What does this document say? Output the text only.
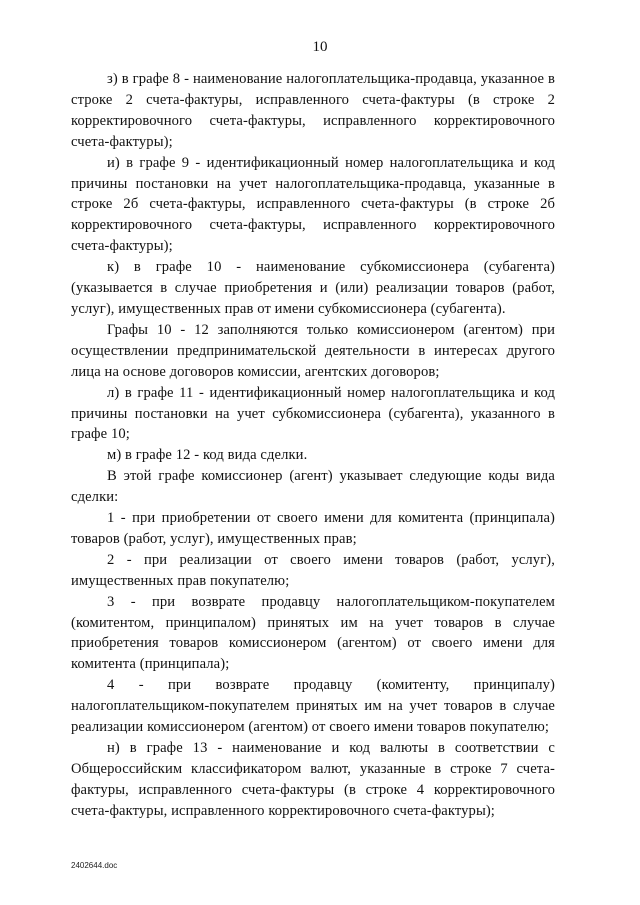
10

з) в графе 8 - наименование налогоплательщика-продавца, указанное в строке 2 счета-фактуры, исправленного счета-фактуры (в строке 2 корректировочного счета-фактуры, исправленного корректировочного счета-фактуры);

и) в графе 9 - идентификационный номер налогоплательщика и код причины постановки на учет налогоплательщика-продавца, указанные в строке 2б счета-фактуры, исправленного счета-фактуры (в строке 2б корректировочного счета-фактуры, исправленного корректировочного счета-фактуры);

к) в графе 10 - наименование субкомиссионера (субагента) (указывается в случае приобретения и (или) реализации товаров (работ, услуг), имущественных прав от имени субкомиссионера (субагента).

Графы 10 - 12 заполняются только комиссионером (агентом) при осуществлении предпринимательской деятельности в интересах другого лица на основе договоров комиссии, агентских договоров;

л) в графе 11 - идентификационный номер налогоплательщика и код причины постановки на учет субкомиссионера (субагента), указанного в графе 10;

м) в графе 12 - код вида сделки.

В этой графе комиссионер (агент) указывает следующие коды вида сделки:

1 - при приобретении от своего имени для комитента (принципала) товаров (работ, услуг), имущественных прав;

2 - при реализации от своего имени товаров (работ, услуг), имущественных прав покупателю;

3 - при возврате продавцу налогоплательщиком-покупателем (комитентом, принципалом) принятых им на учет товаров в случае приобретения товаров комиссионером (агентом) от своего имени для комитента (принципала);

4 - при возврате продавцу (комитенту, принципалу) налогоплательщиком-покупателем принятых им на учет товаров в случае реализации комиссионером (агентом) от своего имени товаров покупателю;

н) в графе 13 - наименование и код валюты в соответствии с Общероссийским классификатором валют, указанные в строке 7 счета-фактуры, исправленного счета-фактуры (в строке 4 корректировочного счета-фактуры, исправленного корректировочного счета-фактуры);

2402644.doc
